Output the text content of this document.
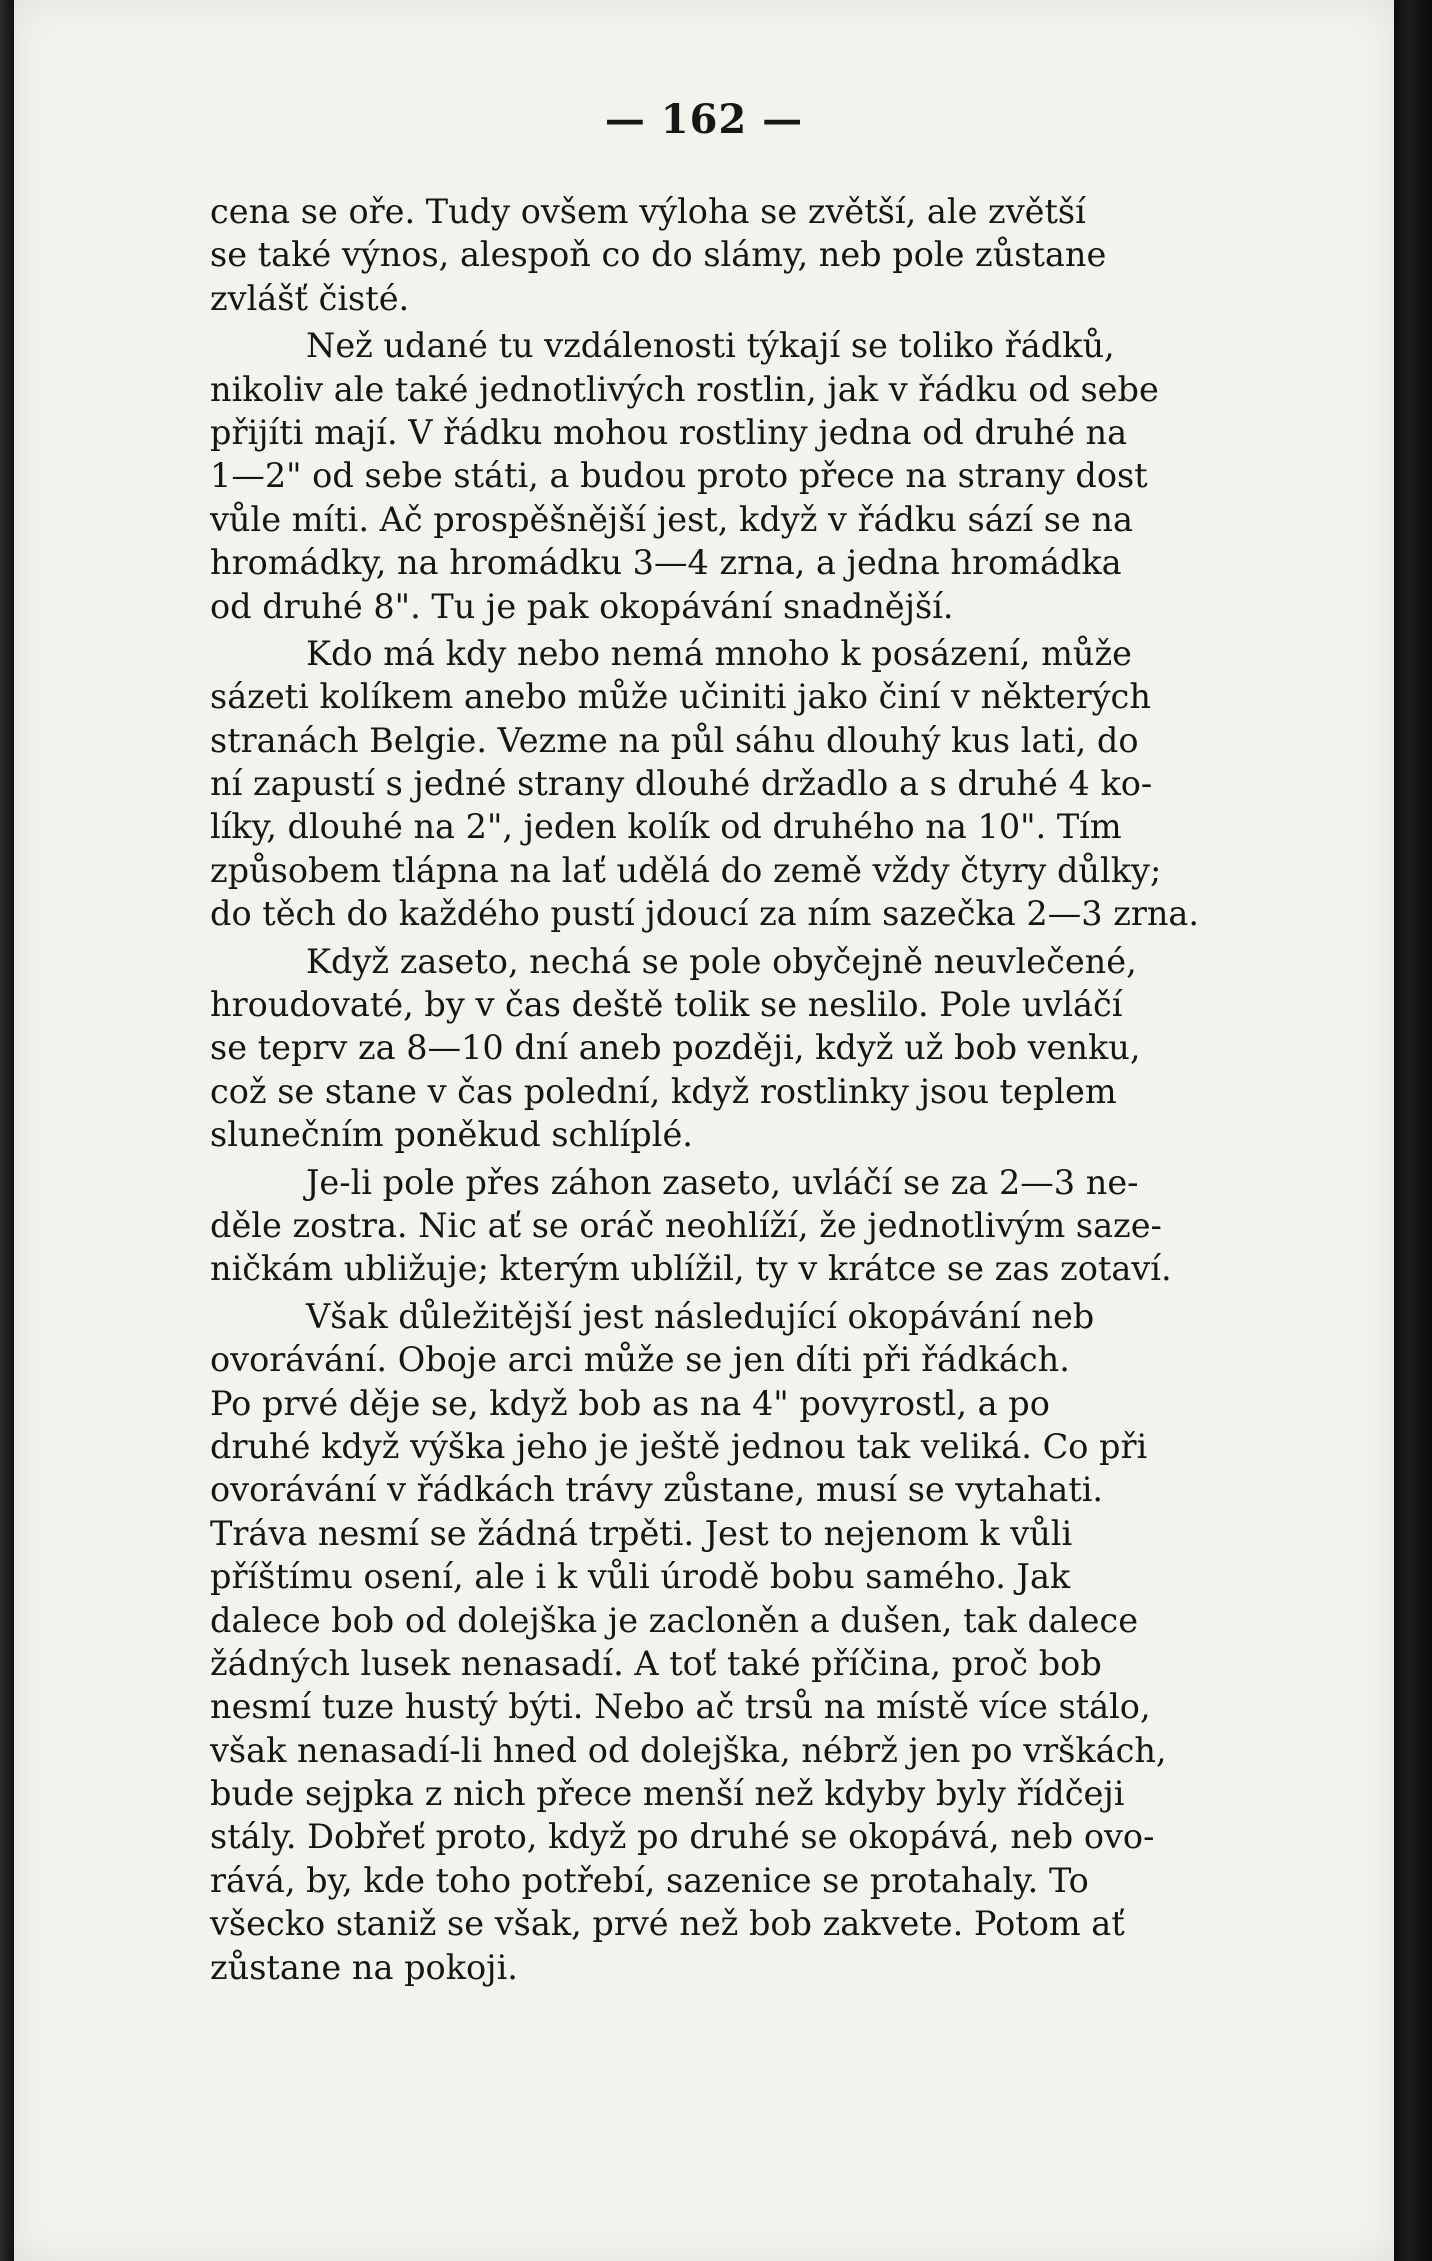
— 162 —
cena se oře. Tudy ovšem výloha se zvětší, ale zvětší
se také výnos, alespoň co do slámy, neb pole zůstane
zvlášť čisté.
Než udané tu vzdálenosti týkají se toliko řádků,
nikoliv ale také jednotlivých rostlin, jak v řádku od sebe
přijíti mají. V řádku mohou rostliny jedna od druhé na
1—2" od sebe státi, a budou proto přece na strany dost
vůle míti. Ač prospěšnější jest, když v řádku sází se na
hromádky, na hromádku 3—4 zrna, a jedna hromádka
od druhé 8". Tu je pak okopávání snadnější.
Kdo má kdy nebo nemá mnoho k posázení, může
sázeti kolíkem anebo může učiniti jako činí v některých
stranách Belgie. Vezme na půl sáhu dlouhý kus lati, do
ní zapustí s jedné strany dlouhé držadlo a s druhé 4 ko-
líky, dlouhé na 2", jeden kolík od druhého na 10". Tím
způsobem tlápna na lať udělá do země vždy čtyry důlky;
do těch do každého pustí jdoucí za ním sazečka 2—3 zrna.
Když zaseto, nechá se pole obyčejně neuvlečené,
hroudovaté, by v čas deště tolik se neslilo. Pole uvláčí
se teprv za 8—10 dní aneb později, když už bob venku,
což se stane v čas polední, když rostlinky jsou teplem
slunečním poněkud schlíplé.
Je-li pole přes záhon zaseto, uvláčí se za 2—3 ne-
děle zostra. Nic ať se oráč neohlíží, že jednotlivým saze-
ničkám ubližuje; kterým ublížil, ty v krátce se zas zotaví.
Však důležitější jest následující okopávání neb
ovorávání. Oboje arci může se jen díti při řádkách.
Po prvé děje se, když bob as na 4" povyrostl, a po
druhé když výška jeho je ještě jednou tak veliká. Co při
ovorávání v řádkách trávy zůstane, musí se vytahati.
Tráva nesmí se žádná trpěti. Jest to nejenom k vůli
příštímu osení, ale i k vůli úrodě bobu samého. Jak
dalece bob od dolejška je zacloněn a dušen, tak dalece
žádných lusek nenasadí. A toť také příčina, proč bob
nesmí tuze hustý býti. Nebo ač trsů na místě více stálo,
však nenasadí-li hned od dolejška, nébrž jen po vrškách,
bude sejpka z nich přece menší než kdyby byly řídčeji
stály. Dobřeť proto, když po druhé se okopává, neb ovo-
rává, by, kde toho potřebí, sazenice se protahaly. To
všecko staniž se však, prvé než bob zakvete. Potom ať
zůstane na pokoji.
